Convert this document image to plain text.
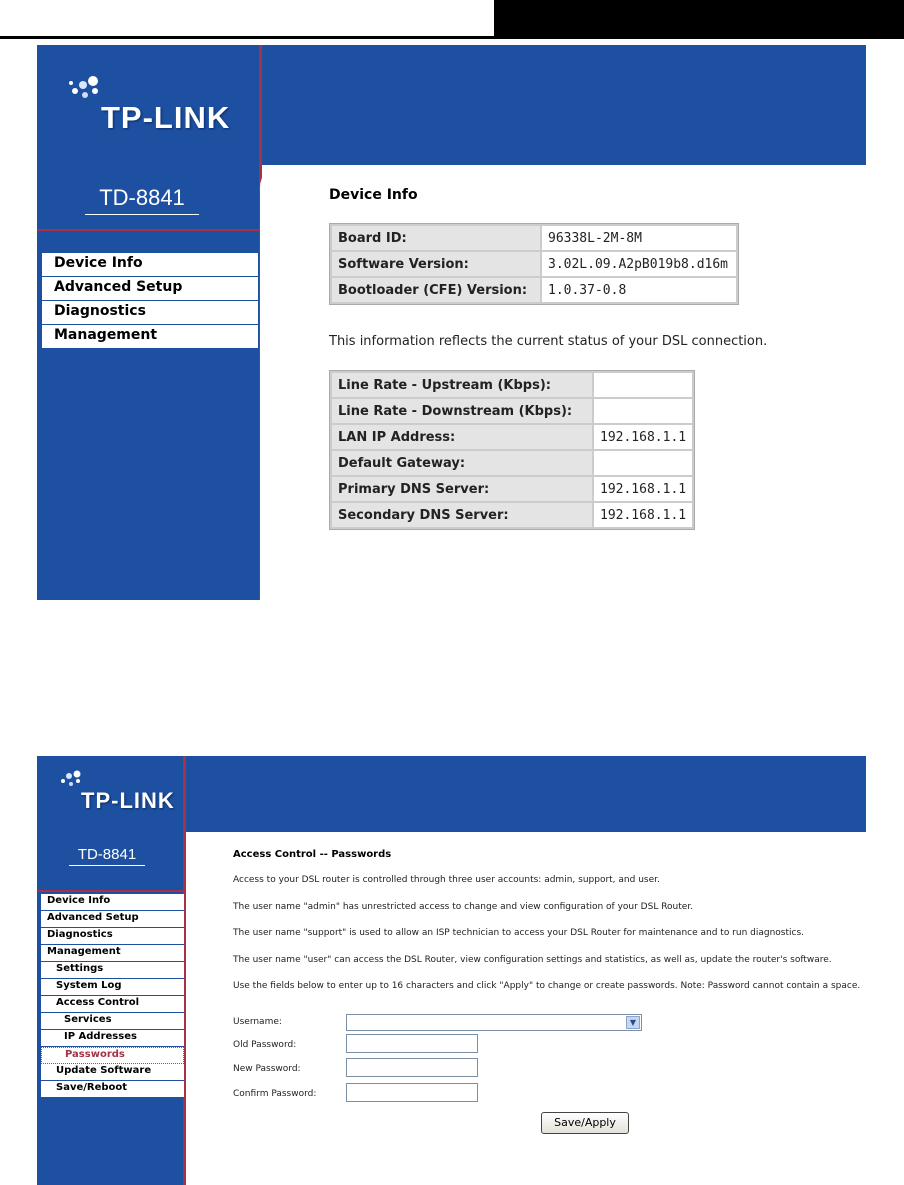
TP-LINK
TD-8841
Device Info
Advanced Setup
Diagnostics
Management
Device Info
Board ID:	96338L-2M-8M
Software Version:	3.02L.09.A2pB019b8.d16m
Bootloader (CFE) Version:	1.0.37-0.8
This information reflects the current status of your DSL connection.
Line Rate - Upstream (Kbps):	
Line Rate - Downstream (Kbps):	
LAN IP Address:	192.168.1.1
Default Gateway:	
Primary DNS Server:	192.168.1.1
Secondary DNS Server:	192.168.1.1
TP-LINK
TD-8841
Device Info
Advanced Setup
Diagnostics
Management
Settings
System Log
Access Control
Services
IP Addresses
Passwords
Update Software
Save/Reboot
Access Control -- Passwords
Access to your DSL router is controlled through three user accounts: admin, support, and user.
The user name "admin" has unrestricted access to change and view configuration of your DSL Router.
The user name "support" is used to allow an ISP technician to access your DSL Router for maintenance and to run diagnostics.
The user name "user" can access the DSL Router, view configuration settings and statistics, as well as, update the router's software.
Use the fields below to enter up to 16 characters and click "Apply" to change or create passwords. Note: Password cannot contain a space.
Username:	▼
Old Password:
New Password:
Confirm Password:
Save/Apply
